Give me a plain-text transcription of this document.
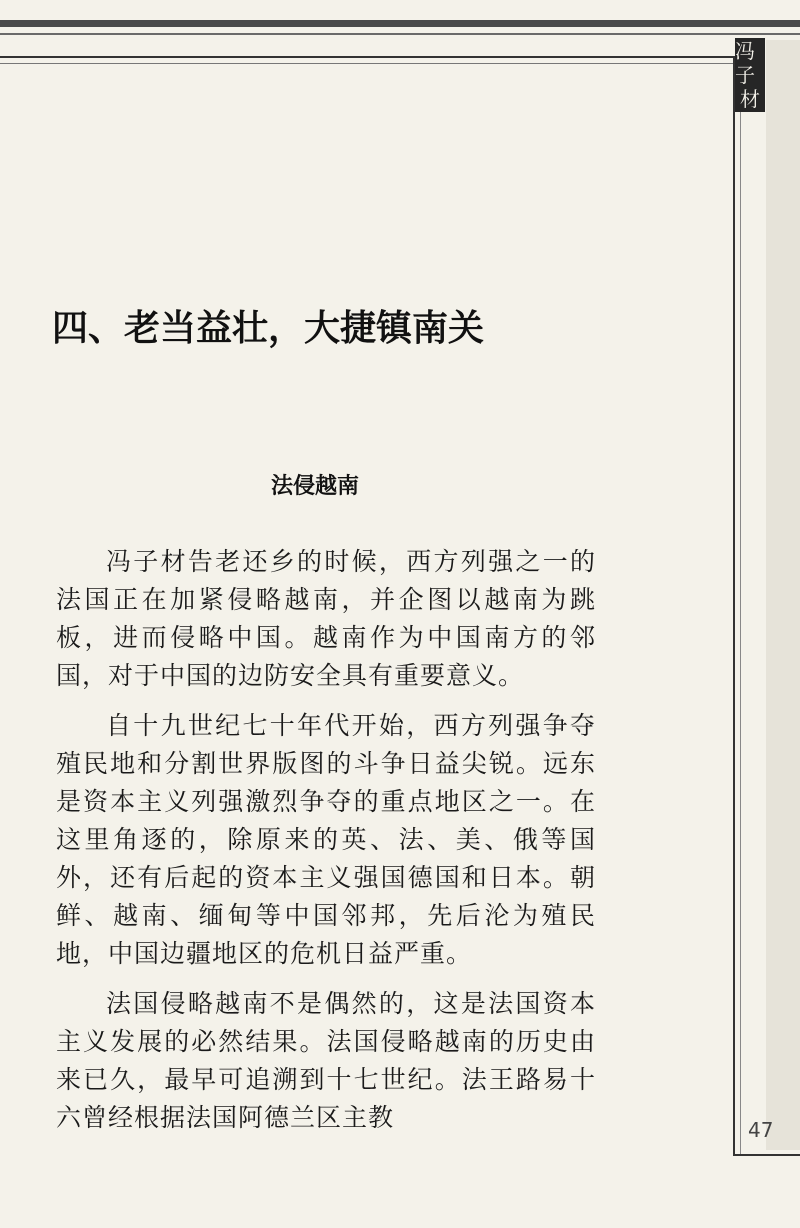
冯子
材
四、老当益壮，大捷镇南关
法侵越南

冯子材告老还乡的时候，西方列强之一的法国正在加紧侵略越南，并企图以越南为跳板，进而侵略中国。越南作为中国南方的邻国，对于中国的边防安全具有重要意义。

自十九世纪七十年代开始，西方列强争夺殖民地和分割世界版图的斗争日益尖锐。远东是资本主义列强激烈争夺的重点地区之一。在这里角逐的，除原来的英、法、美、俄等国外，还有后起的资本主义强国德国和日本。朝鲜、越南、缅甸等中国邻邦，先后沦为殖民地，中国边疆地区的危机日益严重。

法国侵略越南不是偶然的，这是法国资本主义发展的必然结果。法国侵略越南的历史由来已久，最早可追溯到十七世纪。法王路易十六曾经根据法国阿德兰区主教	47
